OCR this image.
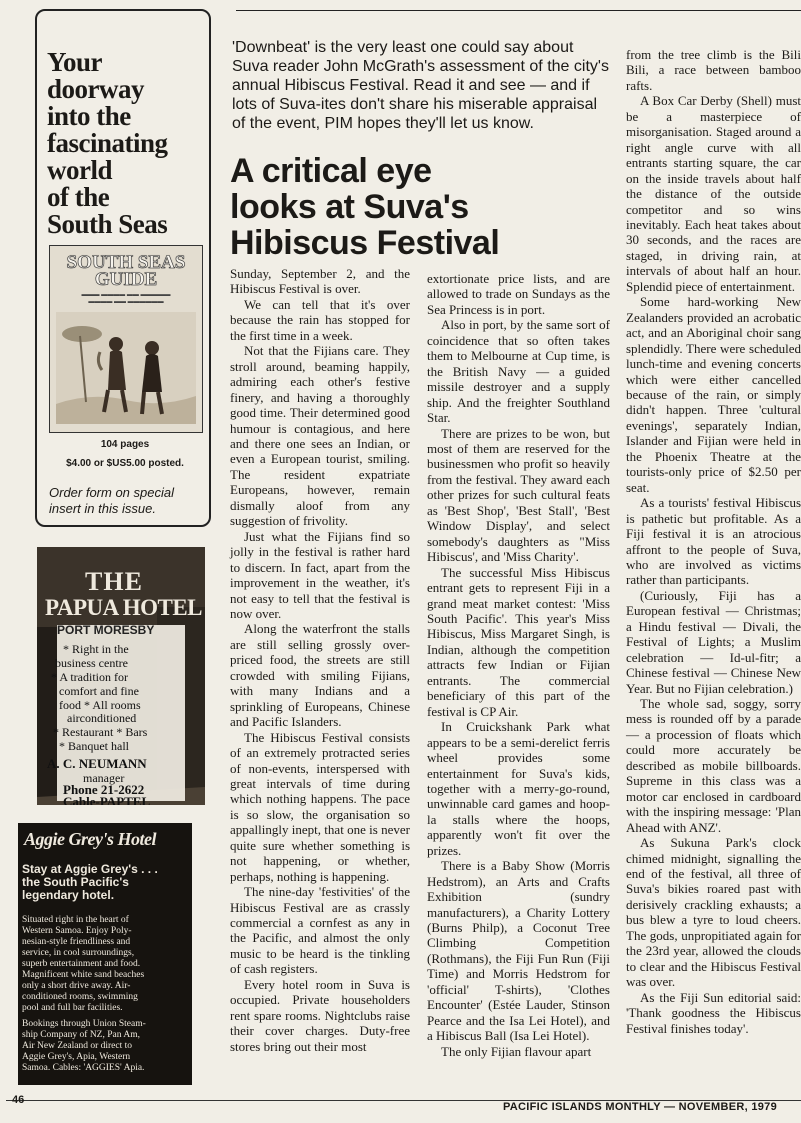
Your
doorway
into the
fascinating
world
of the
South Seas
SOUTH SEAS
GUIDE
▬▬▬ ▬▬▬▬ ▬▬ ▬▬▬▬▬
▬▬▬▬ ▬▬ ▬▬▬▬▬▬
104 pages
$4.00 or $US5.00 posted.
Order form on special
insert in this issue.
THE
PAPUA HOTEL
PORT MORESBY
* Right in the
business centre
* A tradition for
comfort and fine
food * All rooms
airconditioned
* Restaurant * Bars
* Banquet hall
A. C. NEUMANN
manager
Phone 21-2622
Cable-PAPTEL
Aggie Grey's Hotel
Stay at Aggie Grey's . . .
the South Pacific's
legendary hotel.
Situated right in the heart of
Western Samoa. Enjoy Poly-
nesian-style friendliness and
service, in cool surroundings,
superb entertainment and food.
Magnificent white sand beaches
only a short drive away. Air-
conditioned rooms, swimming
pool and full bar facilities.
Bookings through Union Steam-
ship Company of NZ, Pan Am,
Air New Zealand or direct to
Aggie Grey's, Apia, Western
Samoa. Cables: 'AGGIES' Apia.
'Downbeat' is the very least one could say about Suva reader John McGrath's assessment of the city's annual Hibiscus Festival. Read it and see — and if lots of Suva-ites don't share his miserable appraisal of the event, PIM hopes they'll let us know.
A critical eye
looks at Suva's
Hibiscus Festival

Sunday, September 2, and the Hibiscus Festival is over.

We can tell that it's over because the rain has stopped for the first time in a week.

Not that the Fijians care. They stroll around, beaming happily, admiring each other's festive finery, and having a thoroughly good time. Their determined good humour is contagious, and here and there one sees an Indian, or even a European tourist, smiling. The resident expatriate Europeans, however, remain dismally aloof from any suggestion of frivolity.

Just what the Fijians find so jolly in the festival is rather hard to discern. In fact, apart from the improvement in the weather, it's not easy to tell that the festival is now over.

Along the waterfront the stalls are still selling grossly over-priced food, the streets are still crowded with smiling Fijians, with many Indians and a sprinkling of Europeans, Chinese and Pacific Islanders.

The Hibiscus Festival consists of an extremely protracted series of non-events, interspersed with great intervals of time during which nothing happens. The pace is so slow, the organisation so appallingly inept, that one is never quite sure whether something is not happening, or whether, perhaps, nothing is happening.

The nine-day 'festivities' of the Hibiscus Festival are as crassly commercial a cornfest as any in the Pacific, and almost the only music to be heard is the tinkling of cash registers.

Every hotel room in Suva is occupied. Private householders rent spare rooms. Nightclubs raise their cover charges. Duty-free stores bring out their most

extortionate price lists, and are allowed to trade on Sundays as the Sea Princess is in port.

Also in port, by the same sort of coincidence that so often takes them to Melbourne at Cup time, is the British Navy — a guided missile destroyer and a supply ship. And the freighter Southland Star.

There are prizes to be won, but most of them are reserved for the businessmen who profit so heavily from the festival. They award each other prizes for such cultural feats as 'Best Shop', 'Best Stall', 'Best Window Display', and select somebody's daughters as "Miss Hibiscus', and 'Miss Charity'.

The successful Miss Hibiscus entrant gets to represent Fiji in a grand meat market contest: 'Miss South Pacific'. This year's Miss Hibiscus, Miss Margaret Singh, is Indian, although the competition attracts few Indian or Fijian entrants. The commercial beneficiary of this part of the festival is CP Air.

In Cruickshank Park what appears to be a semi-derelict ferris wheel provides some entertainment for Suva's kids, together with a merry-go-round, unwinnable card games and hoop-la stalls where the hoops, apparently won't fit over the prizes.

There is a Baby Show (Morris Hedstrom), an Arts and Crafts Exhibition (sundry manufacturers), a Charity Lottery (Burns Philp), a Coconut Tree Climbing Competition (Rothmans), the Fiji Fun Run (Fiji Time) and Morris Hedstrom for 'official' T-shirts), 'Clothes Encounter' (Estée Lauder, Stinson Pearce and the Isa Lei Hotel), and a Hibiscus Ball (Isa Lei Hotel).

The only Fijian flavour apart

from the tree climb is the Bili Bili, a race between bamboo rafts.

A Box Car Derby (Shell) must be a masterpiece of misorganisation. Staged around a right angle curve with all entrants starting square, the car on the inside travels about half the distance of the outside competitor and so wins inevitably. Each heat takes about 30 seconds, and the races are staged, in driving rain, at intervals of about half an hour. Splendid piece of entertainment.

Some hard-working New Zealanders provided an acrobatic act, and an Aboriginal choir sang splendidly. There were scheduled lunch-time and evening concerts which were either cancelled because of the rain, or simply didn't happen. Three 'cultural evenings', separately Indian, Islander and Fijian were held in the Phoenix Theatre at the tourists-only price of $2.50 per seat.

As a tourists' festival Hibiscus is pathetic but profitable. As a Fiji festival it is an atrocious affront to the people of Suva, who are involved as victims rather than participants.

(Curiously, Fiji has a European festival — Christmas; a Hindu festival — Divali, the Festival of Lights; a Muslim celebration — Id-ul-fitr; a Chinese festival — Chinese New Year. But no Fijian celebration.)

The whole sad, soggy, sorry mess is rounded off by a parade — a procession of floats which could more accurately be described as mobile billboards. Supreme in this class was a motor car enclosed in cardboard with the inspiring message: 'Plan Ahead with ANZ'.

As Sukuna Park's clock chimed midnight, signalling the end of the festival, all three of Suva's bikies roared past with derisively crackling exhausts; a bus blew a tyre to loud cheers. The gods, unpropitiated again for the 23rd year, allowed the clouds to clear and the Hibiscus Festival was over.

As the Fiji Sun editorial said: 'Thank goodness the Hibiscus Festival finishes today'.

46
PACIFIC ISLANDS MONTHLY — NOVEMBER, 1979
